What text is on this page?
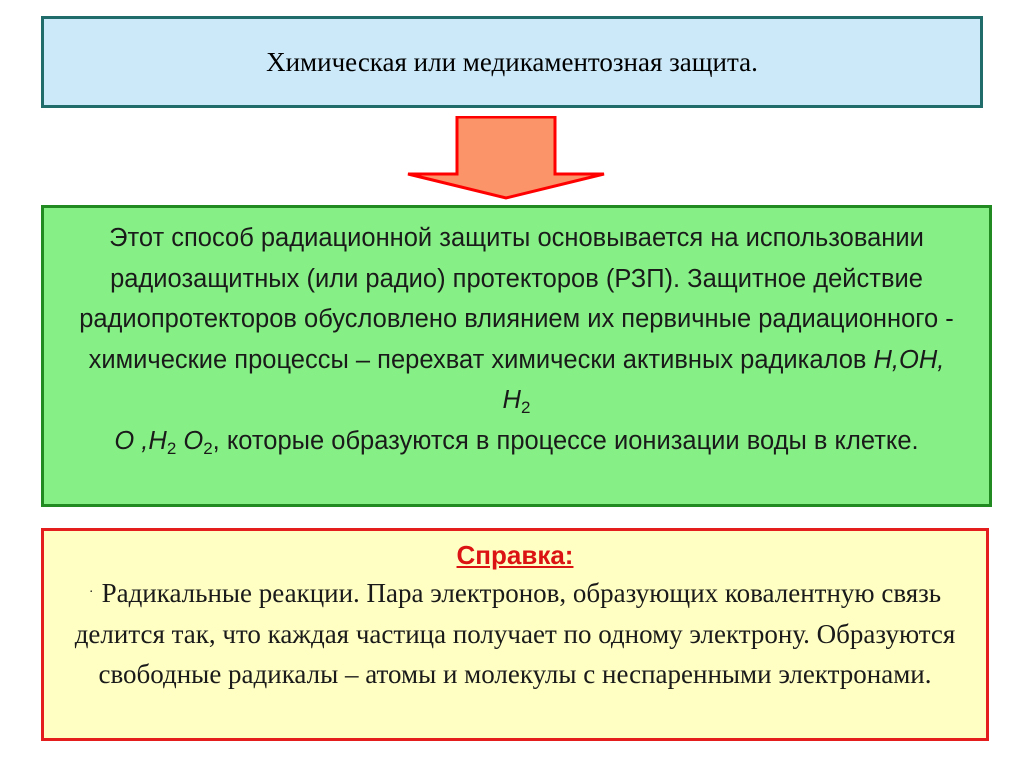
Химическая или медикаментозная защита.

Этот способ радиационной защиты основывается на использовании радиозащитных (или радио) протекторов (РЗП). Защитное действие радиопротекторов обусловлено влиянием их первичные радиационного - химические процессы – перехват химически активных радикалов Н,ОН, $Н_2$
О $,Н_2$ $О_2$, которые образуются в процессе ионизации воды в клетке.

Справка:

· Радикальные реакции. Пара электронов, образующих ковалентную связь делится так, что каждая частица получает по одному электрону. Образуются свободные радикалы – атомы и молекулы с неспаренными электронами.
